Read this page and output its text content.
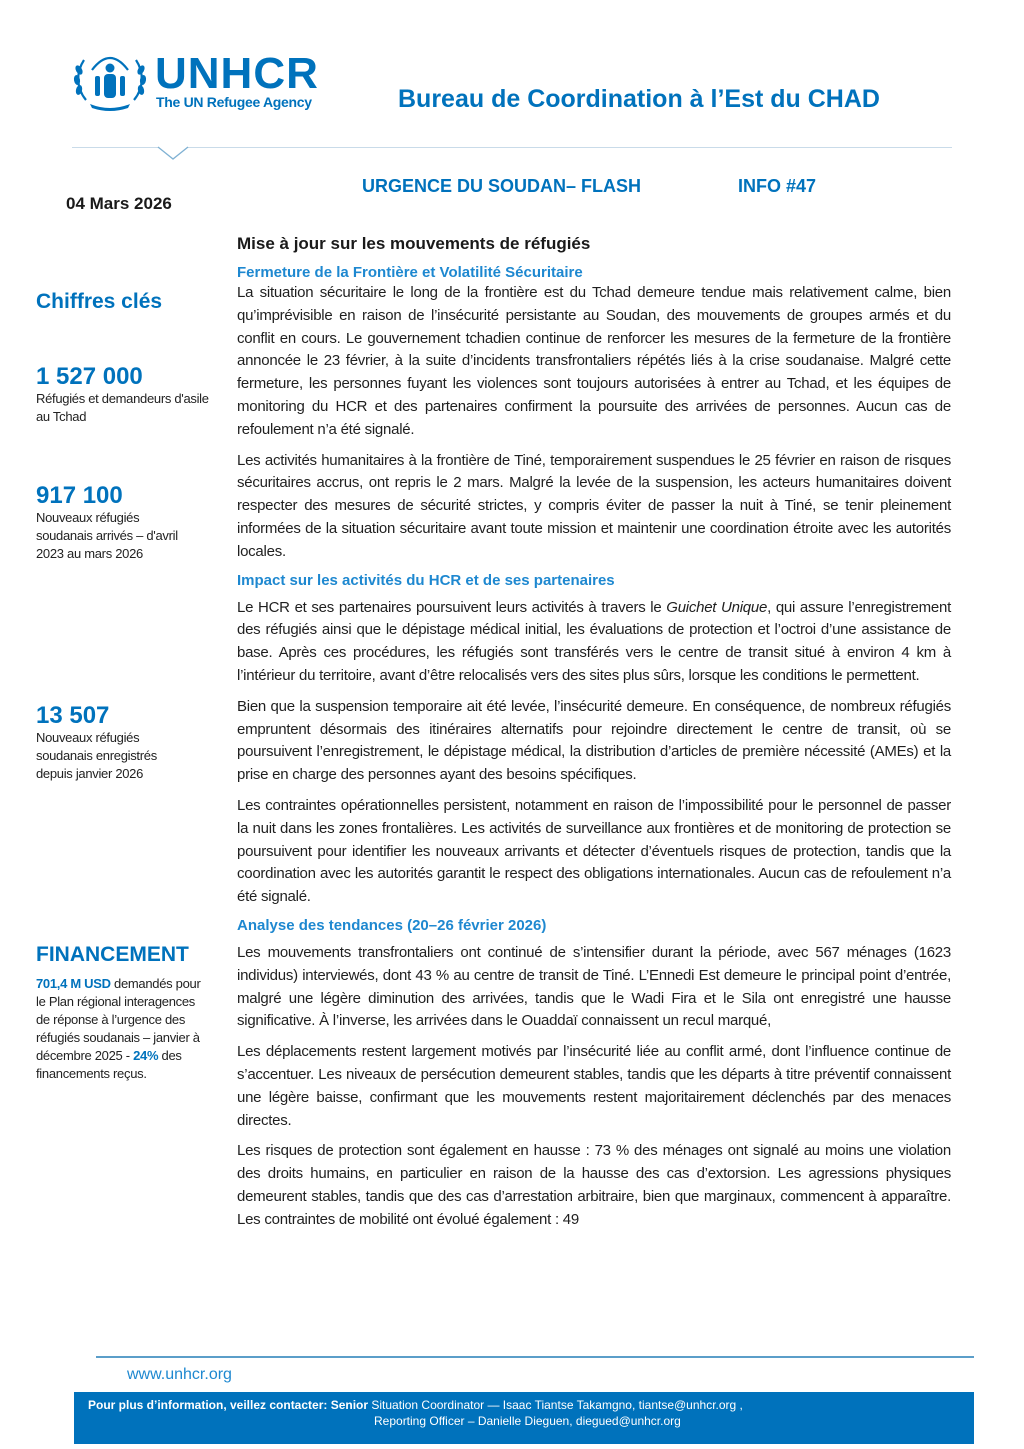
UNHCR
The UN Refugee Agency	Bureau de Coordination à l’Est du CHAD
04 Mars 2026
URGENCE DU SOUDAN– FLASH	INFO #47
Chiffres clés
1 527 000
Réfugiés et demandeurs d'asile au Tchad
917 100
Nouveaux réfugiés soudanais arrivés – d'avril 2023 au mars 2026
13 507
Nouveaux réfugiés soudanais enregistrés depuis janvier 2026
FINANCEMENT
701,4 M USD demandés pour le Plan régional interagences de réponse à l’urgence des réfugiés soudanais – janvier à décembre 2025 - 24% des financements reçus.
Mise à jour sur les mouvements de réfugiés
Fermeture de la Frontière et Volatilité Sécuritaire

La situation sécuritaire le long de la frontière est du Tchad demeure tendue mais relativement calme, bien qu’imprévisible en raison de l’insécurité persistante au Soudan, des mouvements de groupes armés et du conflit en cours. Le gouvernement tchadien continue de renforcer les mesures de la fermeture de la frontière annoncée le 23 février, à la suite d’incidents transfrontaliers répétés liés à la crise soudanaise. Malgré cette fermeture, les personnes fuyant les violences sont toujours autorisées à entrer au Tchad, et les équipes de monitoring du HCR et des partenaires confirment la poursuite des arrivées de personnes. Aucun cas de refoulement n’a été signalé.

Les activités humanitaires à la frontière de Tiné, temporairement suspendues le 25 février en raison de risques sécuritaires accrus, ont repris le 2 mars. Malgré la levée de la suspension, les acteurs humanitaires doivent respecter des mesures de sécurité strictes, y compris éviter de passer la nuit à Tiné, se tenir pleinement informées de la situation sécuritaire avant toute mission et maintenir une coordination étroite avec les autorités locales.

Impact sur les activités du HCR et de ses partenaires

Le HCR et ses partenaires poursuivent leurs activités à travers le Guichet Unique, qui assure l’enregistrement des réfugiés ainsi que le dépistage médical initial, les évaluations de protection et l’octroi d’une assistance de base. Après ces procédures, les réfugiés sont transférés vers le centre de transit situé à environ 4 km à l’intérieur du territoire, avant d’être relocalisés vers des sites plus sûrs, lorsque les conditions le permettent.

Bien que la suspension temporaire ait été levée, l’insécurité demeure. En conséquence, de nombreux réfugiés empruntent désormais des itinéraires alternatifs pour rejoindre directement le centre de transit, où se poursuivent l’enregistrement, le dépistage médical, la distribution d’articles de première nécessité (AMEs) et la prise en charge des personnes ayant des besoins spécifiques.

Les contraintes opérationnelles persistent, notamment en raison de l’impossibilité pour le personnel de passer la nuit dans les zones frontalières. Les activités de surveillance aux frontières et de monitoring de protection se poursuivent pour identifier les nouveaux arrivants et détecter d’éventuels risques de protection, tandis que la coordination avec les autorités garantit le respect des obligations internationales. Aucun cas de refoulement n’a été signalé.

Analyse des tendances (20–26 février 2026)

Les mouvements transfrontaliers ont continué de s’intensifier durant la période, avec 567 ménages (1623 individus) interviewés, dont 43 % au centre de transit de Tiné. L’Ennedi Est demeure le principal point d’entrée, malgré une légère diminution des arrivées, tandis que le Wadi Fira et le Sila ont enregistré une hausse significative. À l’inverse, les arrivées dans le Ouaddaï connaissent un recul marqué,

Les déplacements restent largement motivés par l’insécurité liée au conflit armé, dont l’influence continue de s’accentuer. Les niveaux de persécution demeurent stables, tandis que les départs à titre préventif connaissent une légère baisse, confirmant que les mouvements restent majoritairement déclenchés par des menaces directes.

Les risques de protection sont également en hausse : 73 % des ménages ont signalé au moins une violation des droits humains, en particulier en raison de la hausse des cas d’extorsion. Les agressions physiques demeurent stables, tandis que des cas d’arrestation arbitraire, bien que marginaux, commencent à apparaître. Les contraintes de mobilité ont évolué également : 49

www.unhcr.org
Pour plus d’information, veillez contacter: Senior Situation Coordinator — Isaac Tiantse Takamgno, tiantse@unhcr.org ,
Reporting Officer – Danielle Dieguen, diegued@unhcr.org
